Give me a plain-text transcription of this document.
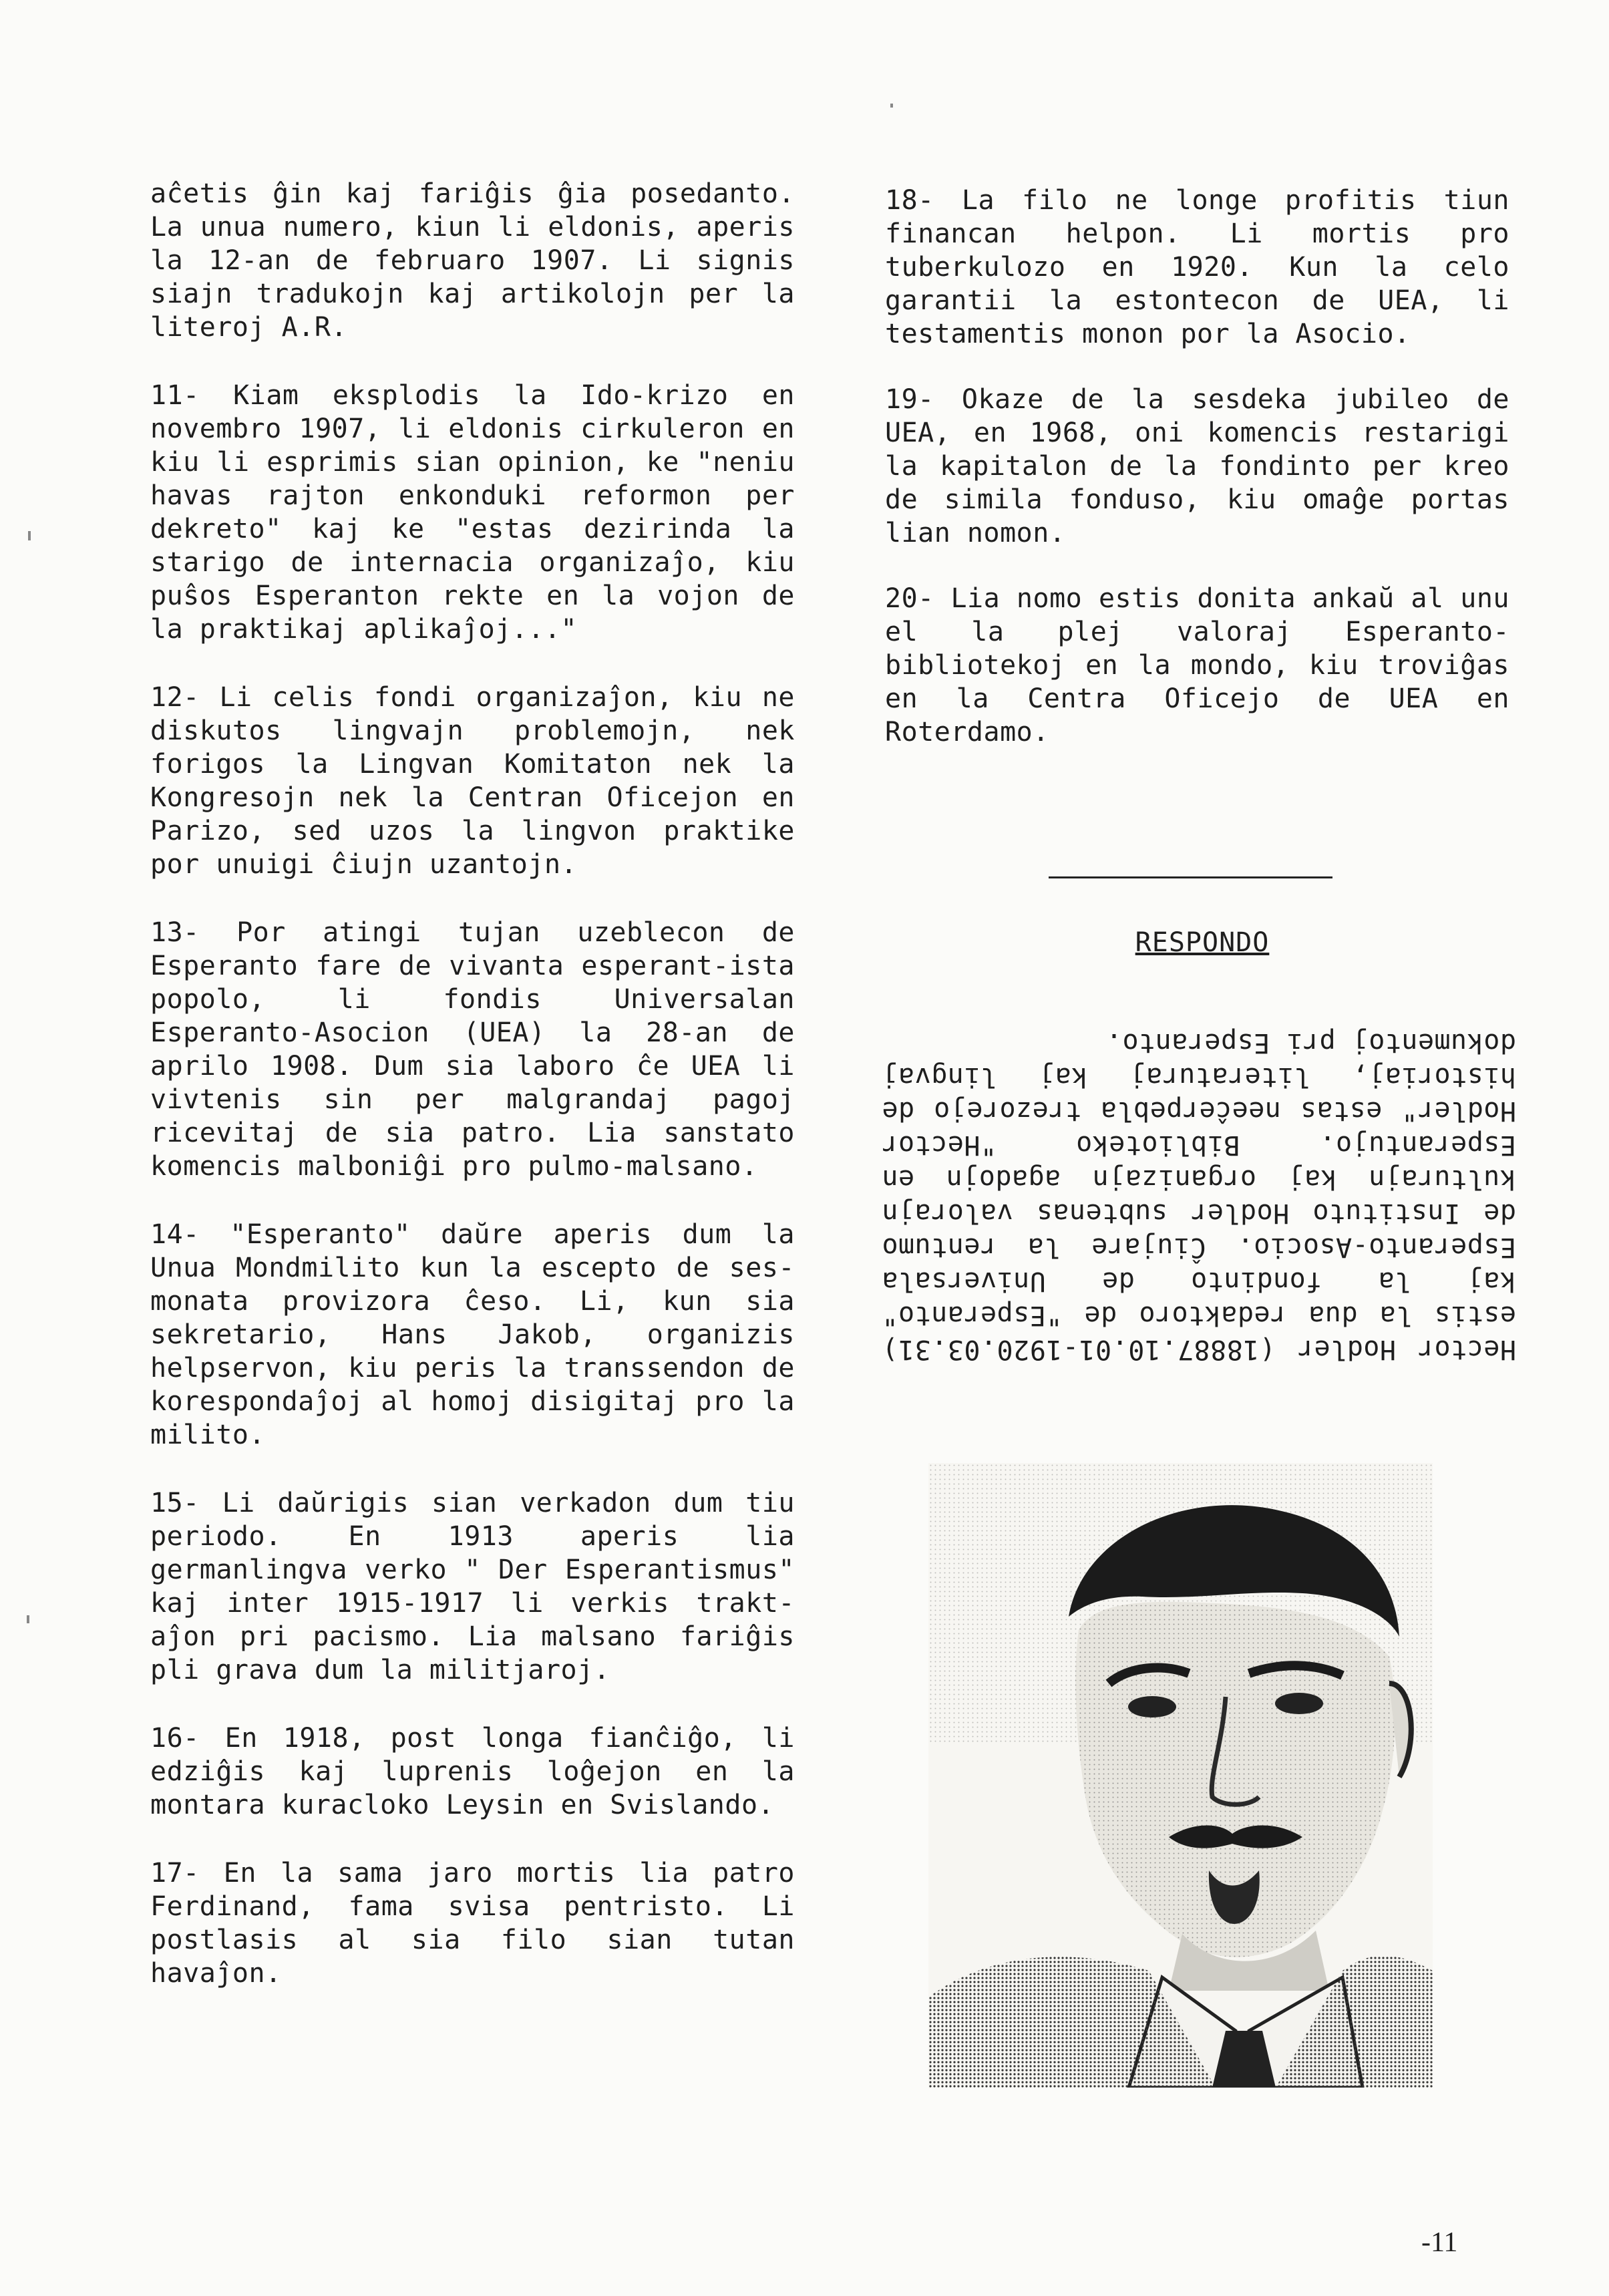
aĉetis ĝin kaj fariĝis ĝia posedanto. La unua numero, kiun li eldonis, aperis la 12-an de februaro 1907. Li signis siajn tradukojn kaj artikolojn per la literoj A.R.

11- Kiam eksplodis la Ido-krizo en novembro 1907, li eldonis cirkuleron en kiu li esprimis sian opinion, ke "neniu havas rajton enkonduki reformon per dekreto" kaj ke "estas dezirinda la starigo de internacia organizaĵo, kiu puŝos Esperanton rekte en la vojon de la praktikaj aplikaĵoj..."

12- Li celis fondi organizaĵon, kiu ne diskutos lingvajn problemojn, nek forigos la Lingvan Komitaton nek la Kongresojn nek la Centran Oficejon en Parizo, sed uzos la lingvon praktike por unuigi ĉiujn uzantojn.

13- Por atingi tujan uzeblecon de Esperanto fare de vivanta esperant-ista popolo, li fondis Universalan Esperanto-Asocion (UEA) la 28-an de aprilo 1908. Dum sia laboro ĉe UEA li vivtenis sin per malgrandaj pagoj ricevitaj de sia patro. Lia sanstato komencis malboniĝi pro pulmo-malsano.

14- "Esperanto" daŭre aperis dum la Unua Mondmilito kun la escepto de ses-monata provizora ĉeso. Li, kun sia sekretario, Hans Jakob, organizis helpservon, kiu peris la transsendon de korespondaĵoj al homoj disigitaj pro la milito.

15- Li daŭrigis sian verkadon dum tiu periodo. En 1913 aperis lia germanlingva verko " Der Esperantismus" kaj inter 1915-1917 li verkis trakt-aĵon pri pacismo. Lia malsano fariĝis pli grava dum la militjaroj.

16- En 1918, post longa fianĉiĝo, li edziĝis kaj luprenis loĝejon en la montara kuracloko Leysin en Svislando.

17- En la sama jaro mortis lia patro Ferdinand, fama svisa pentristo. Li postlasis al sia filo sian tutan havaĵon.

18- La filo ne longe profitis tiun financan helpon. Li mortis pro tuberkulozo en 1920. Kun la celo garantii la estontecon de UEA, li testamentis monon por la Asocio.

19- Okaze de la sesdeka jubileo de UEA, en 1968, oni komencis restarigi la kapitalon de la fondinto per kreo de simila fonduso, kiu omaĝe portas lian nomon.

20- Lia nomo estis donita ankaŭ al unu el la plej valoraj Esperanto-bibliotekoj en la mondo, kiu troviĝas en la Centra Oficejo de UEA en Roterdamo.

RESPONDO

Hector Hodler (18887.10.01-1920.03.31) estis la dua redaktoro de "Esperanto" kaj la fondinto de Universala Esperanto-Asocio. Ĉiujare la rentumo de Instituto Hodler subtenas valorajn kulturajn kaj organizajn agadojn en Esperantujo. Biblioteko "Hector Hodler" estas neeĉerpebla trezorejo de historiaj, literaturaj kaj lingvaj dokumentoj pri Esperanto.

-11
